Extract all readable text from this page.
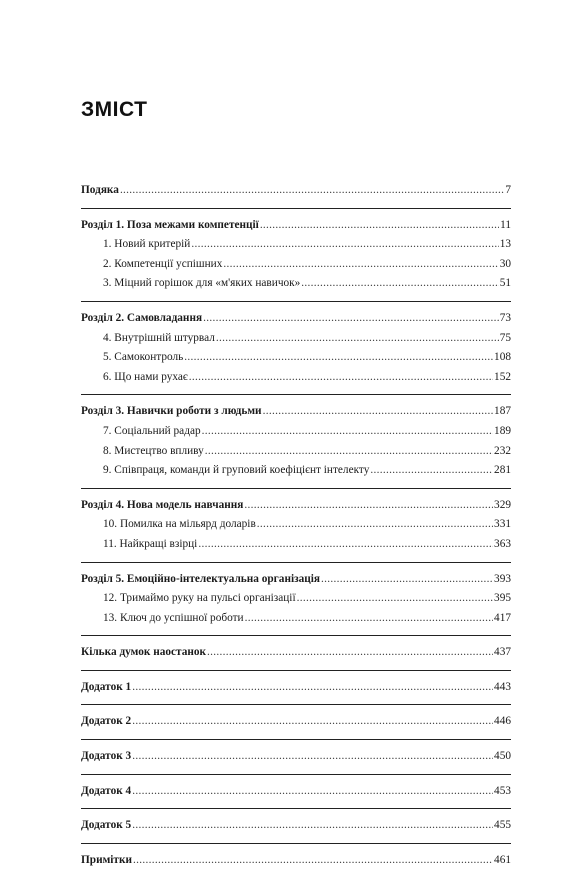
ЗМІСТ
Подяка .....	7
Розділ 1. Поза межами компетенції .....	11
1. Новий критерій .....	13
2. Компетенції успішних .....	30
3. Міцний горішок для «м'яких навичок» .....	51
Розділ 2. Самовладання .....	73
4. Внутрішній штурвал .....	75
5. Самоконтроль .....	108
6. Що нами рухає .....	152
Розділ 3. Навички роботи з людьми .....	187
7. Соціальний радар .....	189
8. Мистецтво впливу .....	232
9. Співпраця, команди й груповий коефіцієнт інтелекту .....	281
Розділ 4. Нова модель навчання .....	329
10. Помилка на мільярд доларів .....	331
11. Найкращі взірці .....	363
Розділ 5. Емоційно-інтелектуальна організація .....	393
12. Тримаймо руку на пульсі організації .....	395
13. Ключ до успішної роботи .....	417
Кілька думок наостанок .....	437
Додаток 1 .....	443
Додаток 2 .....	446
Додаток 3 .....	450
Додаток 4 .....	453
Додаток 5 .....	455
Примітки .....	461
